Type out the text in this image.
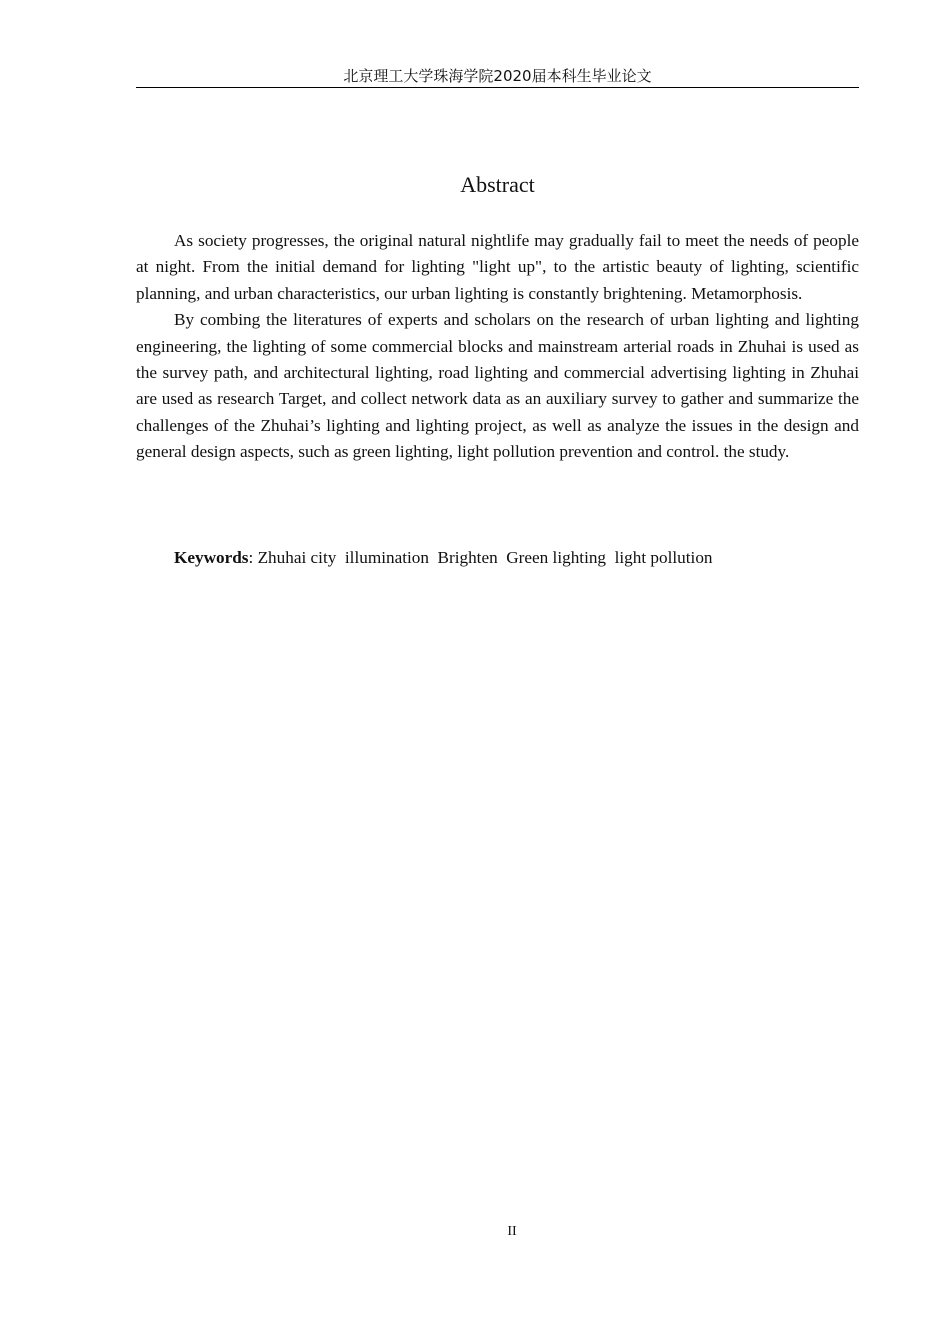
北京理工大学珠海学院2020届本科生毕业论文
Abstract

As society progresses, the original natural nightlife may gradually fail to meet the needs of people at night. From the initial demand for lighting "light up", to the artistic beauty of lighting, scientific planning, and urban characteristics, our urban lighting is constantly brightening. Metamorphosis.

By combing the literatures of experts and scholars on the research of urban lighting and lighting engineering, the lighting of some commercial blocks and mainstream arterial roads in Zhuhai is used as the survey path, and architectural lighting, road lighting and commercial advertising lighting in Zhuhai are used as research Target, and collect network data as an auxiliary survey to gather and summarize the challenges of the Zhuhai’s lighting and lighting project, as well as analyze the issues in the design and general design aspects, such as green lighting, light pollution prevention and control. the study.

Keywords: Zhuhai city  illumination  Brighten  Green lighting  light pollution
II
